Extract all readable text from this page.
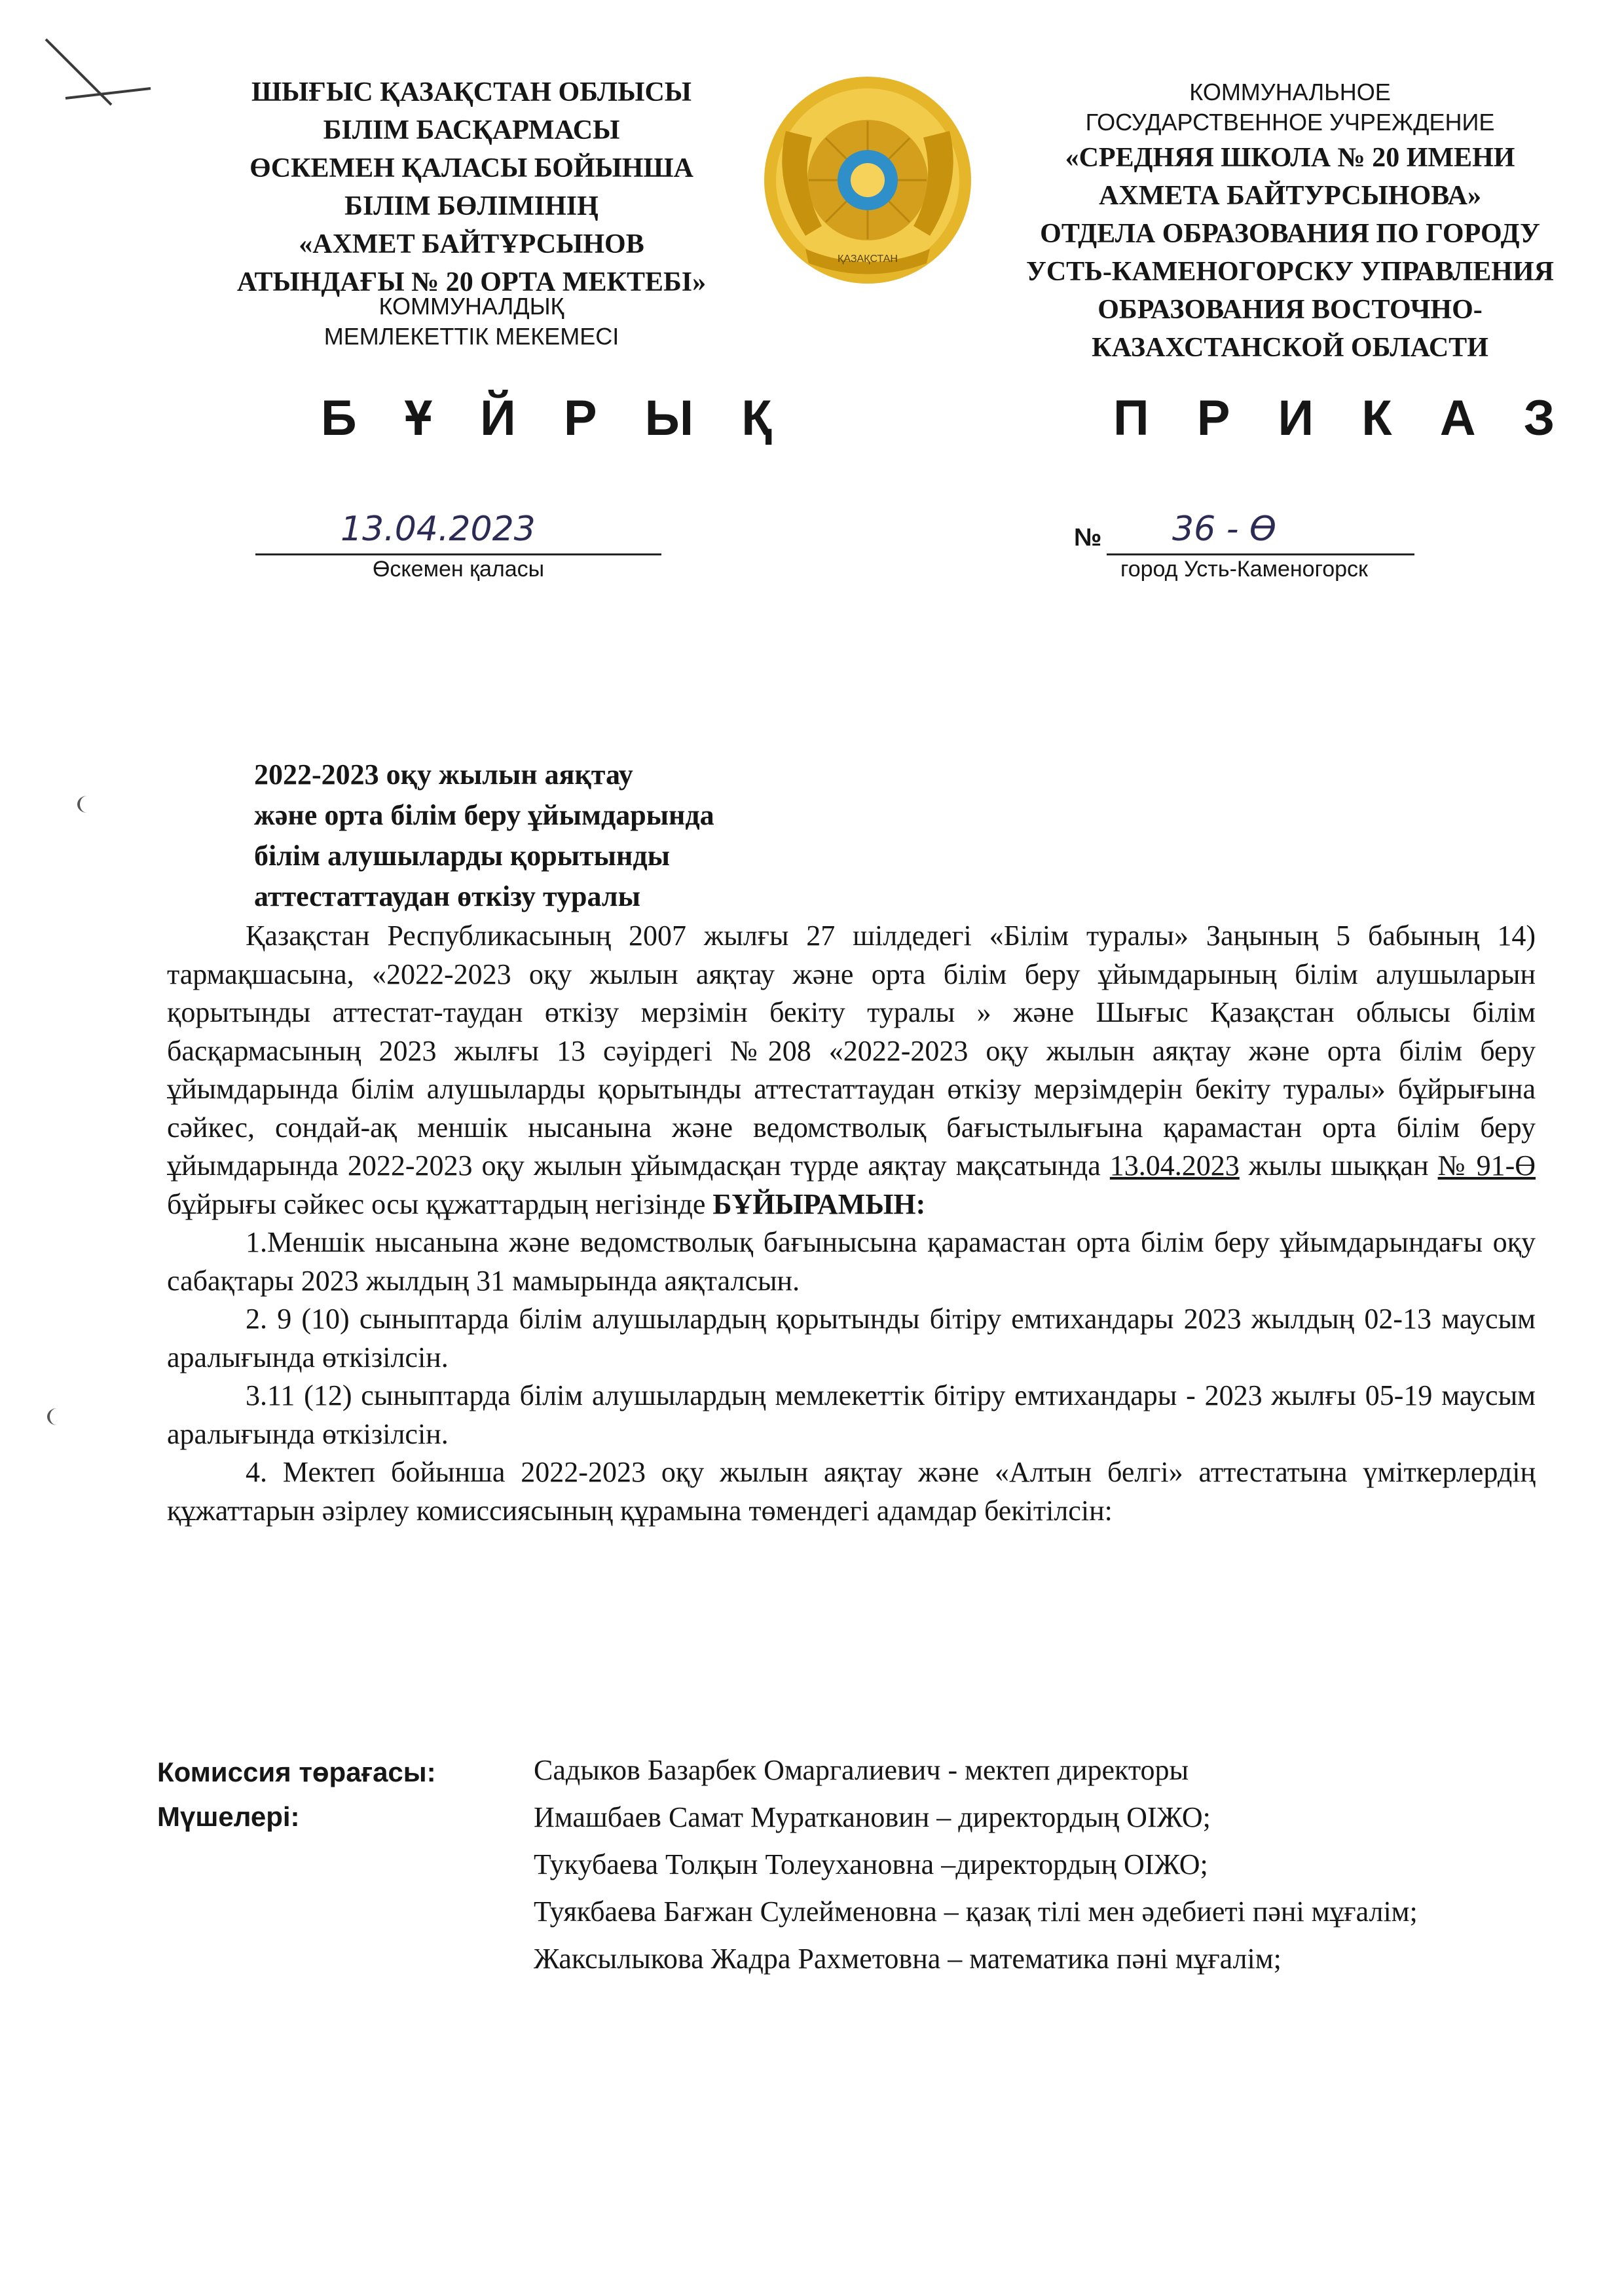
ШЫҒЫС ҚАЗАҚСТАН ОБЛЫСЫ
БІЛІМ БАСҚАРМАСЫ
ӨСКЕМЕН ҚАЛАСЫ БОЙЫНША
БІЛІМ БӨЛІМІНІҢ
«АХМЕТ БАЙТҰРСЫНОВ
АТЫНДАҒЫ № 20 ОРТА МЕКТЕБІ»
КОММУНАЛДЫҚ
МЕМЛЕКЕТТІК МЕКЕМЕСІ
ҚАЗАҚСТАН
КОММУНАЛЬНОЕ
ГОСУДАРСТВЕННОЕ УЧРЕЖДЕНИЕ
«СРЕДНЯЯ ШКОЛА № 20 ИМЕНИ
АХМЕТА БАЙТУРСЫНОВА»
ОТДЕЛА ОБРАЗОВАНИЯ ПО ГОРОДУ
УСТЬ-КАМЕНОГОРСКУ УПРАВЛЕНИЯ
ОБРАЗОВАНИЯ ВОСТОЧНО-
КАЗАХСТАНСКОЙ ОБЛАСТИ
Б Ұ Й Р Ы Қ	П Р И К А З
13.04.2023
Өскемен қаласы
№ 36 - Ө
город Усть-Каменогорск
2022-2023 оқу жылын аяқтау
және орта білім беру ұйымдарында
білім алушыларды қорытынды
аттестаттаудан өткізу туралы

Қазақстан Республикасының 2007 жылғы 27 шілдедегі «Білім туралы» Заңының 5 бабының 14) тармақшасына, «2022-2023 оқу жылын аяқтау және орта білім беру ұйымдарының білім алушыларын қорытынды аттестат-таудан өткізу мерзімін бекіту туралы » және Шығыс Қазақстан облысы білім басқармасының 2023 жылғы 13 сәуірдегі №208 «2022-2023 оқу жылын аяқтау және орта білім беру ұйымдарында білім алушыларды қорытынды аттестаттаудан өткізу мерзімдерін бекіту туралы» бұйрығына сәйкес, сондай-ақ меншік нысанына және ведомстволық бағыстылығына қарамастан орта білім беру ұйымдарында 2022-2023 оқу жылын ұйымдасқан түрде аяқтау мақсатында 13.04.2023 жылы шыққан № 91-Ө бұйрығы сәйкес осы құжаттардың негізінде БҰЙЫРАМЫН:

1.Меншік нысанына және ведомстволық бағынысына қарамастан орта білім беру ұйымдарындағы оқу сабақтары 2023 жылдың 31 мамырында аяқталсын.

2. 9 (10) сыныптарда білім алушылардың қорытынды бітіру емтихандары 2023 жылдың 02-13 маусым аралығында өткізілсін.

3.11 (12) сыныптарда білім алушылардың мемлекеттік бітіру емтихандары - 2023 жылғы 05-19 маусым аралығында өткізілсін.

4. Мектеп бойынша 2022-2023 оқу жылын аяқтау және «Алтын белгі» аттестатына үміткерлердің құжаттарын әзірлеу комиссиясының құрамына төмендегі адамдар бекітілсін:

Комиссия төрағасы:
Мүшелері:
Садыков Базарбек Омаргалиевич - мектеп директоры
Имашбаев Самат Мураткановин – директордың ОІЖО;
Тукубаева Толқын Толеухановна –директордың ОІЖО;
Туякбаева Бағжан Сулейменовна – қазақ тілі мен әдебиеті пәні мұғалім;
Жаксылыкова Жадра Рахметовна – математика пәні мұғалім;
